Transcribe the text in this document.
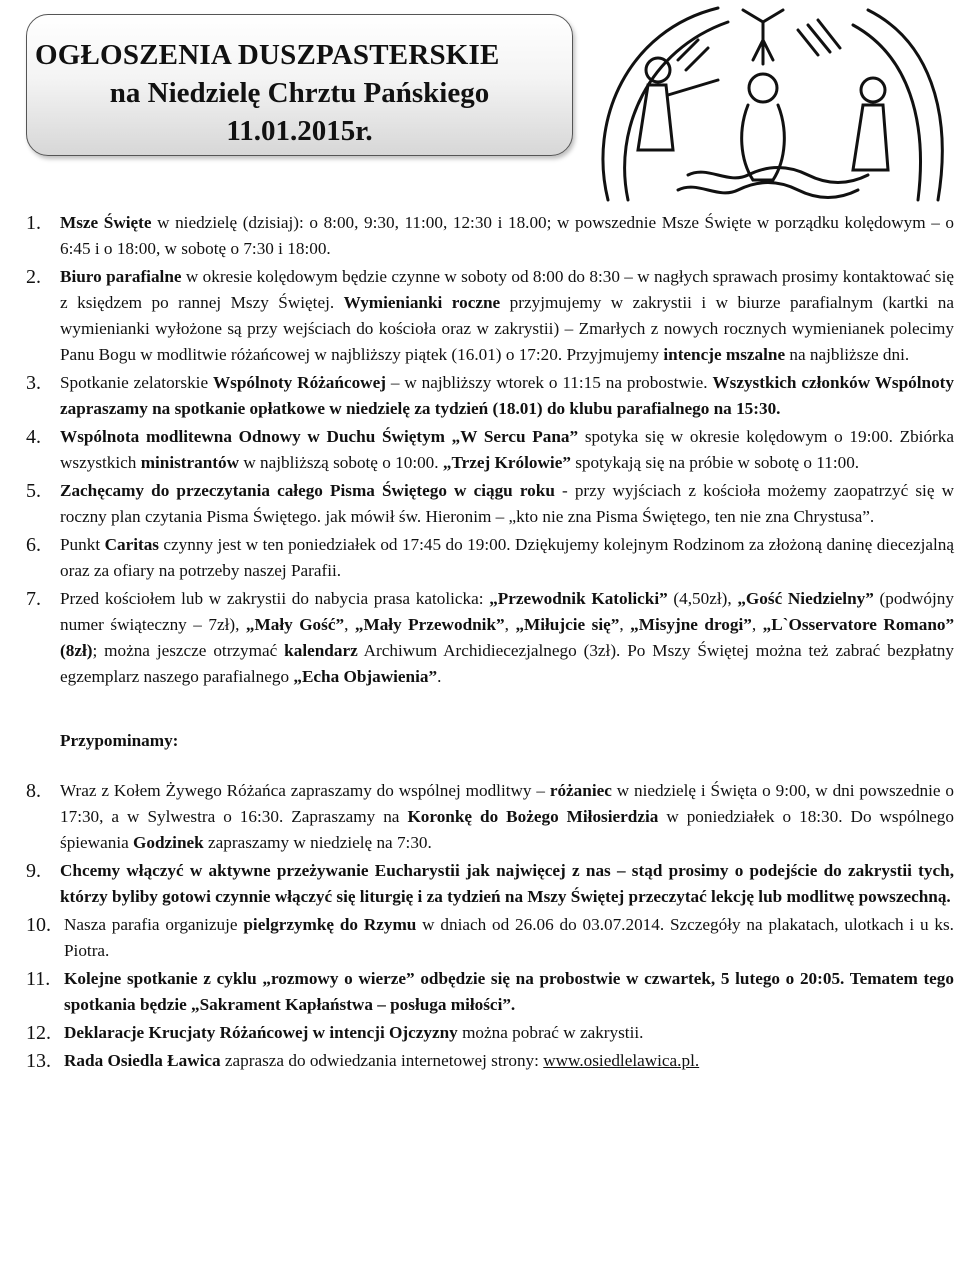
OGŁOSZENIA DUSZPASTERSKIE
na Niedzielę Chrztu Pańskiego
11.01.2015r.
1.	Msze Święte w niedzielę (dzisiaj): o 8:00, 9:30, 11:00, 12:30 i 18.00; w powszednie Msze Święte w porządku kolędowym – o 6:45 i o 18:00, w sobotę o 7:30 i 18:00.
2.	Biuro parafialne w okresie kolędowym będzie czynne w soboty od 8:00 do 8:30 – w nagłych sprawach prosimy kontaktować się z księdzem po rannej Mszy Świętej. Wymienianki roczne przyjmujemy w zakrystii i w biurze parafialnym (kartki na wymienianki wyłożone są przy wejściach do kościoła oraz w zakrystii) – Zmarłych z nowych rocznych wymienianek polecimy Panu Bogu w modlitwie różańcowej w najbliższy piątek (16.01) o 17:20. Przyjmujemy intencje mszalne na najbliższe dni.
3.	Spotkanie zelatorskie Wspólnoty Różańcowej – w najbliższy wtorek o 11:15 na probostwie. Wszystkich członków Wspólnoty zapraszamy na spotkanie opłatkowe w niedzielę za tydzień (18.01) do klubu parafialnego na 15:30.
4.	Wspólnota modlitewna Odnowy w Duchu Świętym „W Sercu Pana” spotyka się w okresie kolędowym o 19:00. Zbiórka wszystkich ministrantów w najbliższą sobotę o 10:00. „Trzej Królowie” spotykają się na próbie w sobotę o 11:00.
5.	Zachęcamy do przeczytania całego Pisma Świętego w ciągu roku - przy wyjściach z kościoła możemy zaopatrzyć się w roczny plan czytania Pisma Świętego. jak mówił św. Hieronim – „kto nie zna Pisma Świętego, ten nie zna Chrystusa”.
6.	Punkt Caritas czynny jest w ten poniedziałek od 17:45 do 19:00. Dziękujemy kolejnym Rodzinom za złożoną daninę diecezjalną oraz za ofiary na potrzeby naszej Parafii.
7.	Przed kościołem lub w zakrystii do nabycia prasa katolicka: „Przewodnik Katolicki” (4,50zł), „Gość Niedzielny” (podwójny numer świąteczny – 7zł), „Mały Gość”, „Mały Przewodnik”, „Miłujcie się”, „Misyjne drogi”, „L`Osservatore Romano” (8zł); można jeszcze otrzymać kalendarz Archiwum Archidiecezjalnego (3zł). Po Mszy Świętej można też zabrać bezpłatny egzemplarz naszego parafialnego „Echa Objawienia”.
Przypominamy:
8.	Wraz z Kołem Żywego Różańca zapraszamy do wspólnej modlitwy – różaniec w niedzielę i Święta o 9:00, w dni powszednie o 17:30, a w Sylwestra o 16:30. Zapraszamy na Koronkę do Bożego Miłosierdzia w poniedziałek o 18:30. Do wspólnego śpiewania Godzinek zapraszamy w niedzielę na 7:30.
9.	Chcemy włączyć w aktywne przeżywanie Eucharystii jak najwięcej z nas – stąd prosimy o podejście do zakrystii tych, którzy byliby gotowi czynnie włączyć się liturgię i za tydzień na Mszy Świętej przeczytać lekcję lub modlitwę powszechną.
10. Nasza parafia organizuje pielgrzymkę do Rzymu w dniach od 26.06 do 03.07.2014. Szczegóły na plakatach, ulotkach i u ks. Piotra.
11. Kolejne spotkanie z cyklu „rozmowy o wierze” odbędzie się na probostwie w czwartek, 5 lutego o 20:05. Tematem tego spotkania będzie „Sakrament Kapłaństwa – posługa miłości”.
12. Deklaracje Krucjaty Różańcowej w intencji Ojczyzny można pobrać w zakrystii.
13. Rada Osiedla Ławica zaprasza do odwiedzania internetowej strony: www.osiedlelawica.pl.
